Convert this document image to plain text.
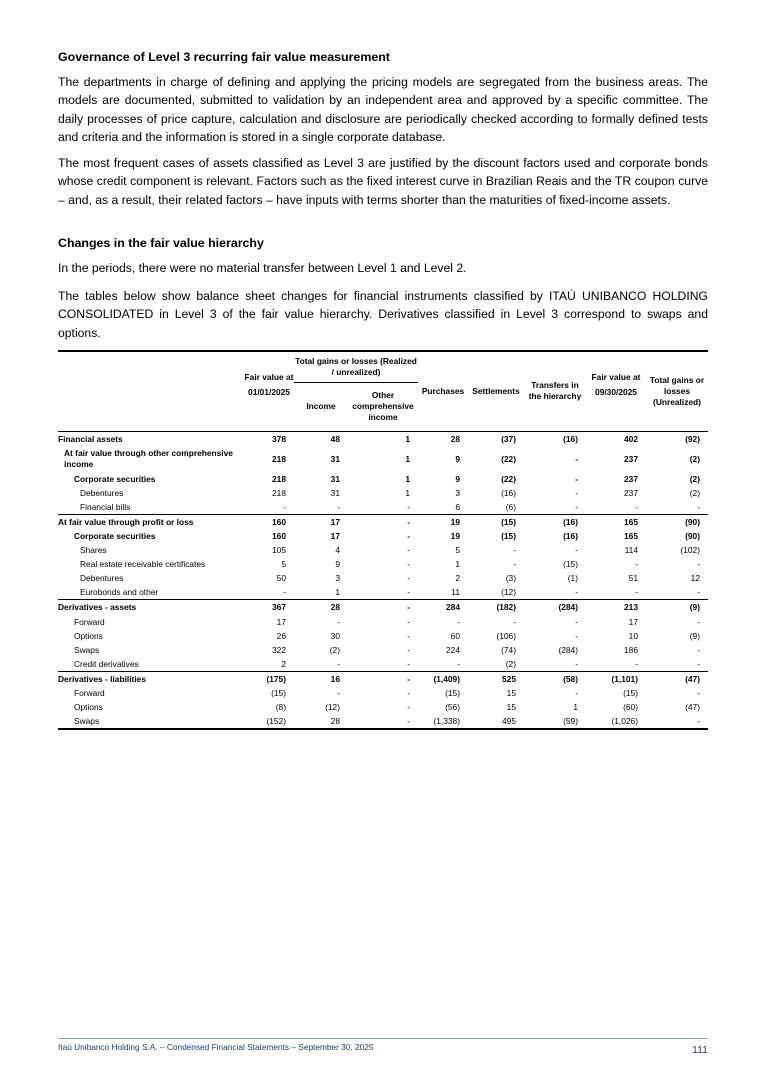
Governance of Level 3 recurring fair value measurement

The departments in charge of defining and applying the pricing models are segregated from the business areas. The models are documented, submitted to validation by an independent area and approved by a specific committee. The daily processes of price capture, calculation and disclosure are periodically checked according to formally defined tests and criteria and the information is stored in a single corporate database.

The most frequent cases of assets classified as Level 3 are justified by the discount factors used and corporate bonds whose credit component is relevant. Factors such as the fixed interest curve in Brazilian Reais and the TR coupon curve – and, as a result, their related factors – have inputs with terms shorter than the maturities of fixed-income assets.

Changes in the fair value hierarchy

In the periods, there were no material transfer between Level 1 and Level 2.

The tables below show balance sheet changes for financial instruments classified by ITAÚ UNIBANCO HOLDING CONSOLIDATED in Level 3 of the fair value hierarchy. Derivatives classified in Level 3 correspond to swaps and options.

	Fair value at	Total gains or losses (Realized / unrealized)		Purchases	Settlements	Transfers in the hierarchy	Fair value at	Total gains or losses (Unrealized)
	01/01/2025	Income	Other comprehensive income				09/30/2025	
Financial assets	378	48	1	28	(37)	(16)	402	(92)
At fair value through other comprehensive income	218	31	1	9	(22)	-	237	(2)
Corporate securities	218	31	1	9	(22)	-	237	(2)
Debentures	218	31	1	3	(16)	-	237	(2)
Financial bills	-	-	-	6	(6)	-	-	-
At fair value through profit or loss	160	17	-	19	(15)	(16)	165	(90)
Corporate securities	160	17	-	19	(15)	(16)	165	(90)
Shares	105	4	-	5	-	-	114	(102)
Real estate receivable certificates	5	9	-	1	-	(15)	-	-
Debentures	50	3	-	2	(3)	(1)	51	12
Eurobonds and other	-	1	-	11	(12)	-	-	-
Derivatives - assets	367	28	-	284	(182)	(284)	213	(9)
Forward	17	-	-	-	-	-	17	-
Options	26	30	-	60	(106)	-	10	(9)
Swaps	322	(2)	-	224	(74)	(284)	186	-
Credit derivatives	2	-	-	-	(2)	-	-	-
Derivatives - liabilities	(175)	16	-	(1,409)	525	(58)	(1,101)	(47)
Forward	(15)	-	-	(15)	15	-	(15)	-
Options	(8)	(12)	-	(56)	15	1	(60)	(47)
Swaps	(152)	28	-	(1,338)	495	(59)	(1,026)	-
Itaú Unibanco Holding S.A. – Condensed Financial Statements – September 30, 2025	111
